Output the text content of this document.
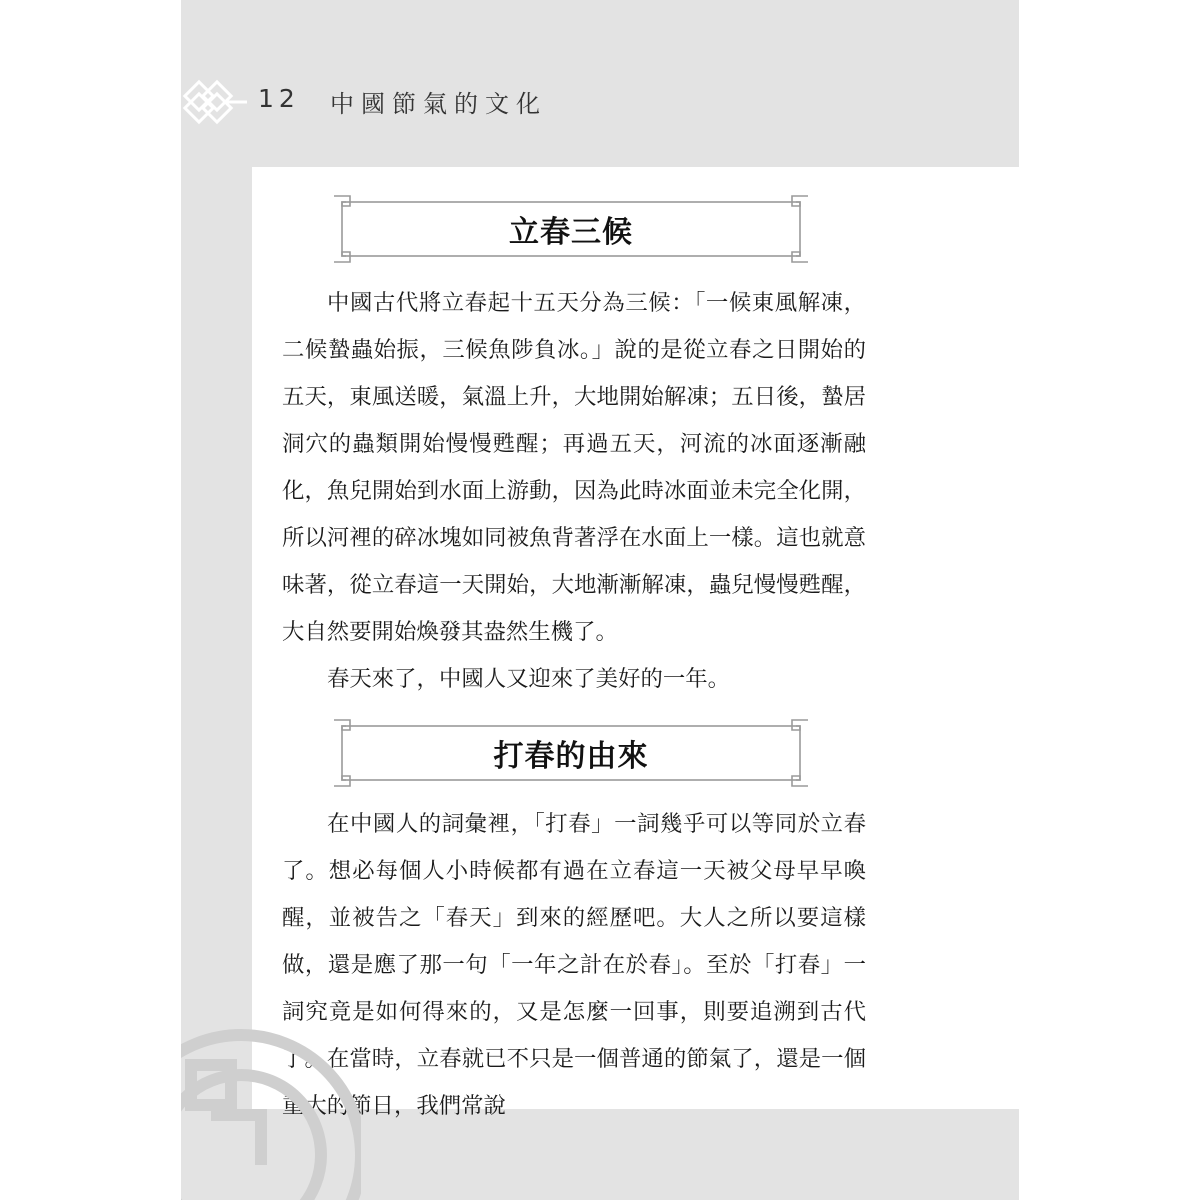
12 中國節氣的文化
立春三候

中國古代將立春起十五天分為三候：「一候東風解凍，二候蟄蟲始振，三候魚陟負冰。」說的是從立春之日開始的五天，東風送暖，氣溫上升，大地開始解凍；五日後，蟄居洞穴的蟲類開始慢慢甦醒；再過五天，河流的冰面逐漸融化，魚兒開始到水面上游動，因為此時冰面並未完全化開，所以河裡的碎冰塊如同被魚背著浮在水面上一樣。這也就意味著，從立春這一天開始，大地漸漸解凍，蟲兒慢慢甦醒，大自然要開始煥發其盎然生機了。

春天來了，中國人又迎來了美好的一年。

打春的由來

在中國人的詞彙裡，「打春」一詞幾乎可以等同於立春了。想必每個人小時候都有過在立春這一天被父母早早喚醒，並被告之「春天」到來的經歷吧。大人之所以要這樣做，還是應了那一句「一年之計在於春」。至於「打春」一詞究竟是如何得來的，又是怎麼一回事，則要追溯到古代了。在當時，立春就已不只是一個普通的節氣了，還是一個重大的節日，我們常說
